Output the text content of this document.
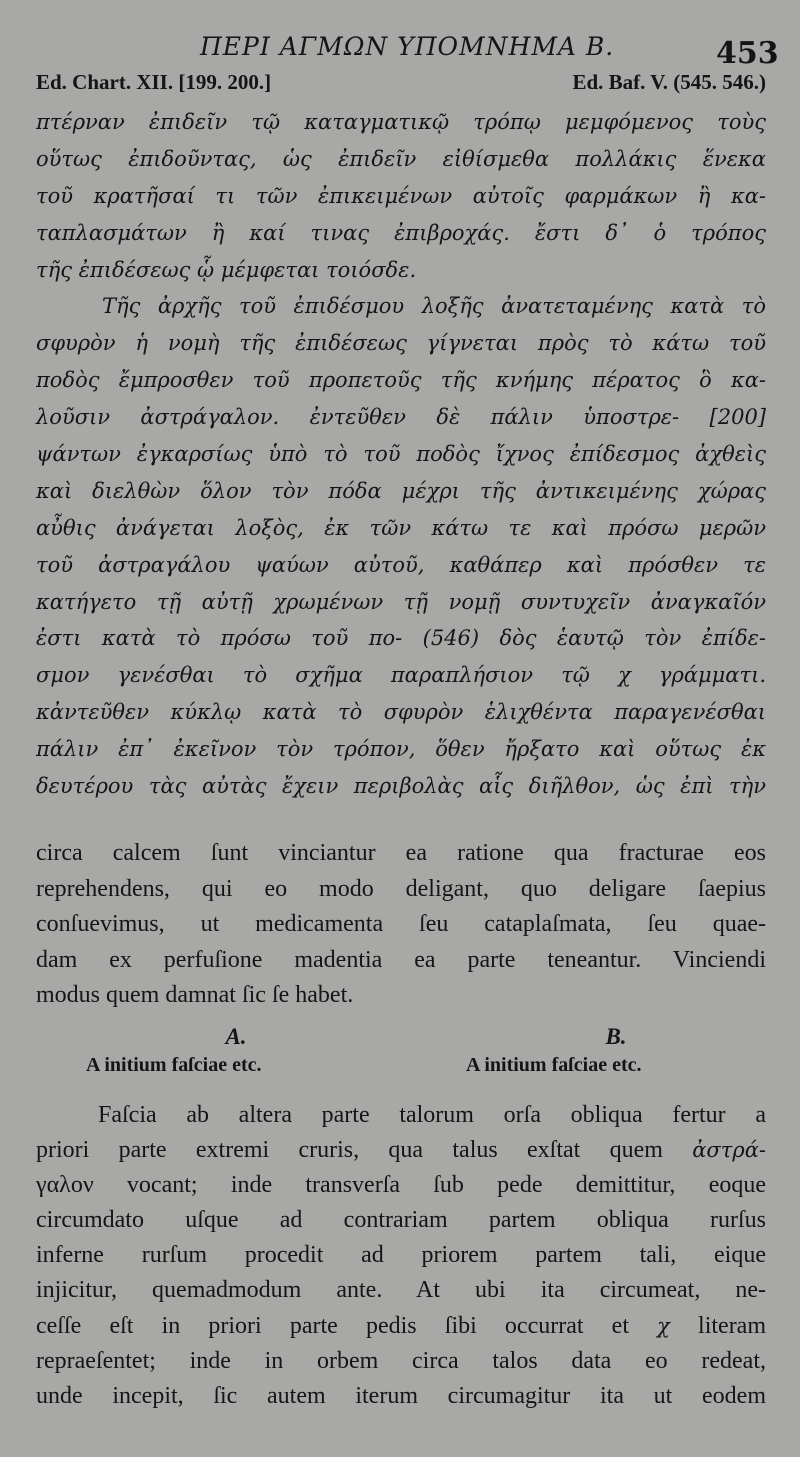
ΠΕΡΙ ΑΓΜΩΝ ΥΠΟΜΝΗΜΑ Β.	453
Ed. Chart. XII. [199. 200.]	Ed. Baf. V. (545. 546.)
πτέρναν ἐπιδεῖν τῷ καταγματικῷ τρόπῳ μεμφόμενος τοὺς
οὕτως ἐπιδοῦντας, ὡς ἐπιδεῖν εἰθίσμεθα πολλάκις ἕνεκα
τοῦ κρατῆσαί τι τῶν ἐπικειμένων αὐτοῖς φαρμάκων ἢ κα-
ταπλασμάτων ἢ καί τινας ἐπιβροχάς. ἔστι δ᾽ ὁ τρόπος
τῆς ἐπιδέσεως ᾧ μέμφεται τοιόσδε.
Τῆς ἀρχῆς τοῦ ἐπιδέσμου λοξῆς ἀνατεταμένης κατὰ τὸ
σφυρὸν ἡ νομὴ τῆς ἐπιδέσεως γίγνεται πρὸς τὸ κάτω τοῦ
ποδὸς ἔμπροσθεν τοῦ προπετοῦς τῆς κνήμης πέρατος ὃ κα-
λοῦσιν ἀστράγαλον. ἐντεῦθεν δὲ πάλιν ὑποστρε- [200]
ψάντων ἐγκαρσίως ὑπὸ τὸ τοῦ ποδὸς ἴχνος ἐπίδεσμος ἀχθεὶς
καὶ διελθὼν ὅλον τὸν πόδα μέχρι τῆς ἀντικειμένης χώρας
αὖθις ἀνάγεται λοξὸς, ἐκ τῶν κάτω τε καὶ πρόσω μερῶν
τοῦ ἀστραγάλου ψαύων αὐτοῦ, καθάπερ καὶ πρόσθεν τε
κατήγετο τῇ αὐτῇ χρωμένων τῇ νομῇ συντυχεῖν ἀναγκαῖόν
ἐστι κατὰ τὸ πρόσω τοῦ πο- (546) δὸς ἑαυτῷ τὸν ἐπίδε-
σμον γενέσθαι τὸ σχῆμα παραπλήσιον τῷ χ γράμματι.
κἀντεῦθεν κύκλῳ κατὰ τὸ σφυρὸν ἑλιχθέντα παραγενέσθαι
πάλιν ἐπ᾽ ἐκεῖνον τὸν τρόπον, ὅθεν ἤρξατο καὶ οὕτως ἐκ
δευτέρου τὰς αὐτὰς ἔχειν περιβολὰς αἷς διῆλθον, ὡς ἐπὶ τὴν
circa calcem ſunt vinciantur ea ratione qua fracturae eos
reprehendens, qui eo modo deligant, quo deligare ſaepius
conſuevimus, ut medicamenta ſeu cataplaſmata, ſeu quae-
dam ex perfuſione madentia ea parte teneantur. Vinciendi
modus quem damnat ſic ſe habet.
A.
A initium faſciae etc.
B.
A initium faſciae etc.
Faſcia ab altera parte talorum orſa obliqua fertur a
priori parte extremi cruris, qua talus exſtat quem ἀστρά-
γαλον vocant; inde transverſa ſub pede demittitur, eoque
circumdato uſque ad contrariam partem obliqua rurſus
inferne rurſum procedit ad priorem partem tali, eique
injicitur, quemadmodum ante. At ubi ita circumeat, ne-
ceſſe eſt in priori parte pedis ſibi occurrat et χ literam
repraeſentet; inde in orbem circa talos data eo redeat,
unde incepit, ſic autem iterum circumagitur ita ut eodem
